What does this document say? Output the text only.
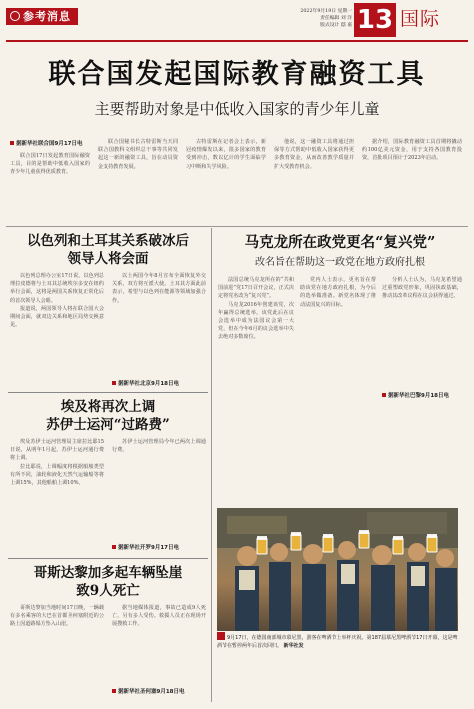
参考消息	2022年9月19日 星期一
责任编辑 刘 洋
版式设计 邸 嘉 13 国际
联合国发起国际教育融资工具
主要帮助对象是中低收入国家的青少年儿童
据新华社联合国9月17日电

联合国17日发起教育国际融资工具，目的是帮助中低收入国家的青少年儿童获得优质教育。

联合国秘书长古特雷斯当天同联合国教科文组织总干事等共同发起这一新的融资工具，旨在动员资金支持教育发展。

古特雷斯在记者会上表示，新冠疫情爆发以来，很多国家的教育受到冲击，数以亿计的学生面临学习中断和失学风险。

他说，这一融资工具将通过担保等方式帮助中低收入国家获得更多教育资金，从而改善教学质量并扩大受教育机会。

据介绍，国际教育融资工具首期将撬动约100亿美元资金，用于支持各国教育投资，首批项目预计于2023年启动。

以色列和土耳其关系破冰后
领导人将会面

以色列总理办公室17日说，以色列总理拉皮德将与土耳其总统埃尔多安在纽约举行会面，这将是两国关系恢复正常化后的首次领导人会晤。

报道说，两国领导人将在联合国大会期间会面，就双边关系和地区局势交换意见。

以土两国今年8月宣布全面恢复外交关系，双方将互派大使。土耳其方面此前表示，希望与以色列在能源等领域加强合作。

据新华社北京9月18日电
埃及将再次上调
苏伊士运河“过路费”

埃及苏伊士运河管理局主席拉比耶15日说，从明年1月起，苏伊士运河通行费将上调。

拉比耶说，上调幅度将根据船舶类型有所不同，油轮和液化天然气运输船等将上调15%，其他船舶上调10%。

苏伊士运河管理局今年已两次上调通行费。

据新华社开罗9月17日电
哥斯达黎加多起车辆坠崖
致9人死亡

哥斯达黎加当地时间17日晚，一辆载有多名乘客的大巴在首都圣何塞附近的公路上因道路塌方坠入山崖。

据当地媒体报道，事故已造成9人死亡，另有多人受伤。救援人员正在现场开展搜救工作。

据新华社圣何塞9月18日电
马克龙所在政党更名“复兴党”
改名旨在帮助这一政党在地方政府扎根

法国总统马克龙所在的“共和国前进”党17日召开会议，正式决定将党名改为“复兴党”。

马克龙2016年创建该党，次年赢得总统选举。该党此后在议会选举中成为法国议会第一大党，但在今年6月的议会选举中失去绝对多数席位。

党内人士表示，更名旨在帮助该党在地方政府扎根，为今后的选举做准备。新党名体现了推动法国复兴的目标。

分析人士认为，马克龙希望通过重塑政党形象，巩固执政基础，推动其改革议程在议会获得通过。

据新华社巴黎9月18日电
9月17日，在德国南部城市慕尼黑，游客在啤酒节上举杯庆祝。第187届慕尼黑啤酒节17日开幕，这是啤酒节在暂停两年后首次回归。 新华社发
